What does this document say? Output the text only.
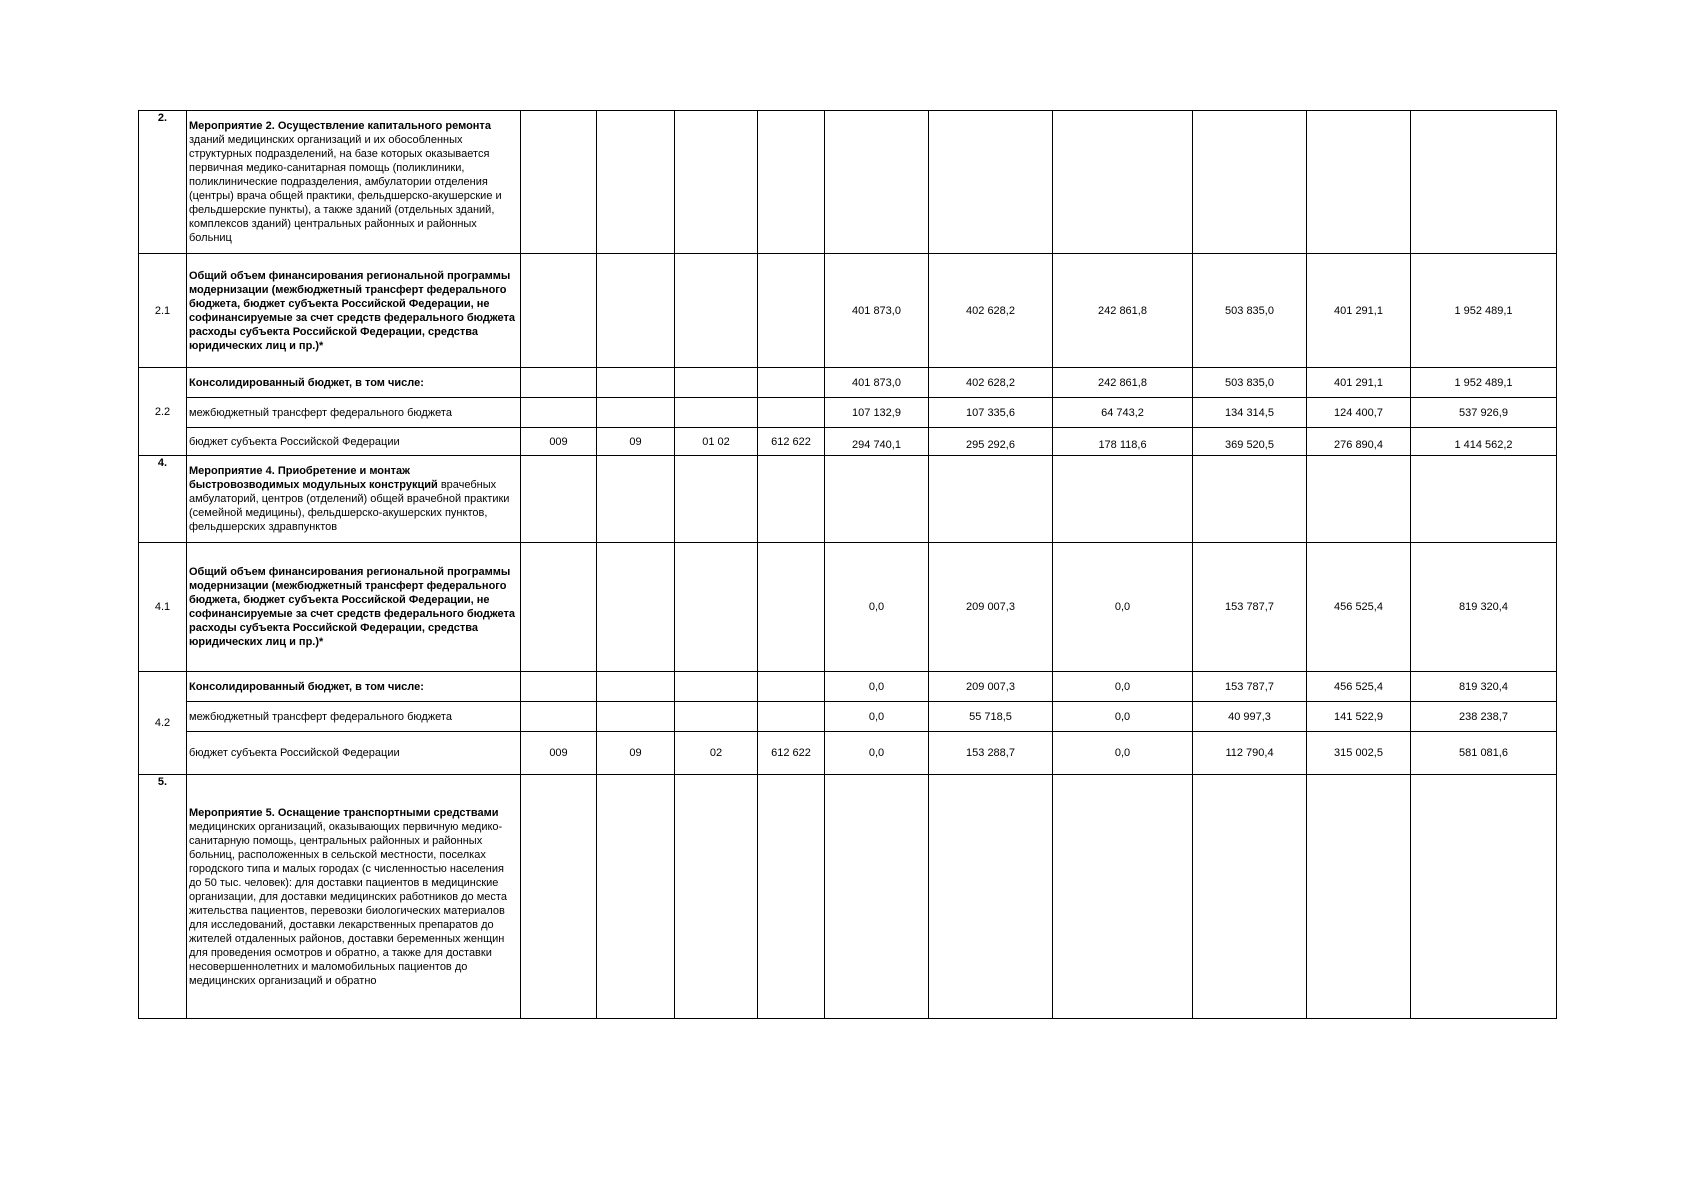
2.	Мероприятие 2. Осуществление капитального ремонта зданий медицинских организаций и их обособленных структурных подразделений, на базе которых оказывается первичная медико-санитарная помощь (поликлиники, поликлинические подразделения, амбулатории отделения (центры) врача общей практики, фельдшерско-акушерские и фельдшерские пункты), а также зданий (отдельных зданий, комплексов зданий) центральных районных и районных больниц										
2.1	Общий объем финансирования региональной программы модернизации (межбюджетный трансферт федерального бюджета, бюджет субъекта Российской Федерации, не софинансируемые за счет средств федерального бюджета расходы субъекта Российской Федерации, средства юридических лиц и пр.)*					401 873,0	402 628,2	242 861,8	503 835,0	401 291,1	1 952 489,1
2.2	Консолидированный бюджет, в том числе:					401 873,0	402 628,2	242 861,8	503 835,0	401 291,1	1 952 489,1
	межбюджетный трансферт федерального бюджета					107 132,9	107 335,6	64 743,2	134 314,5	124 400,7	537 926,9
	бюджет субъекта Российской Федерации	009	09	01 02	612 622	294 740,1	295 292,6	178 118,6	369 520,5	276 890,4	1 414 562,2
4.	Мероприятие 4. Приобретение и монтаж быстровозводимых модульных конструкций врачебных амбулаторий, центров (отделений) общей врачебной практики (семейной медицины), фельдшерско-акушерских пунктов, фельдшерских здравпунктов										
4.1	Общий объем финансирования региональной программы модернизации (межбюджетный трансферт федерального бюджета, бюджет субъекта Российской Федерации, не софинансируемые за счет средств федерального бюджета расходы субъекта Российской Федерации, средства юридических лиц и пр.)*					0,0	209 007,3	0,0	153 787,7	456 525,4	819 320,4
4.2	Консолидированный бюджет, в том числе:					0,0	209 007,3	0,0	153 787,7	456 525,4	819 320,4
	межбюджетный трансферт федерального бюджета					0,0	55 718,5	0,0	40 997,3	141 522,9	238 238,7
	бюджет субъекта Российской Федерации	009	09	02	612 622	0,0	153 288,7	0,0	112 790,4	315 002,5	581 081,6
5.	Мероприятие 5. Оснащение транспортными средствами медицинских организаций, оказывающих первичную медико-санитарную помощь, центральных районных и районных больниц, расположенных в сельской местности, поселках городского типа и малых городах (с численностью населения до 50 тыс. человек): для доставки пациентов в медицинские организации, для доставки медицинских работников до места жительства пациентов, перевозки биологических материалов для исследований, доставки лекарственных препаратов до жителей отдаленных районов, доставки беременных женщин для проведения осмотров и обратно, а также для доставки несовершеннолетних и маломобильных пациентов до медицинских организаций и обратно										
